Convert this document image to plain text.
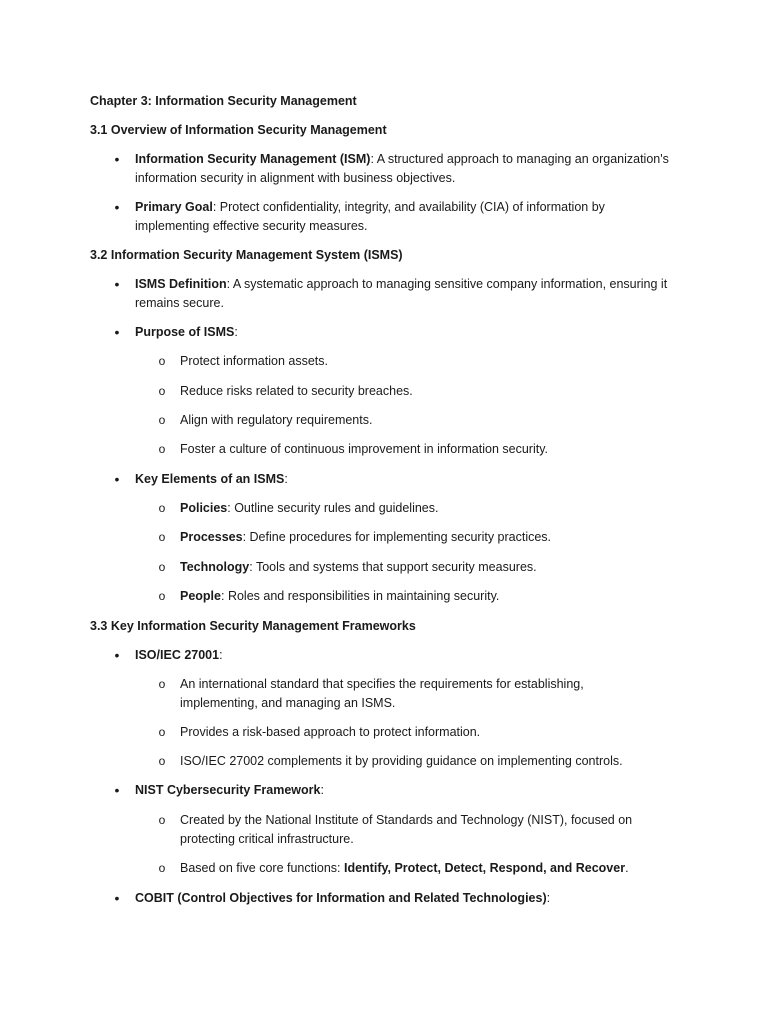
Chapter 3: Information Security Management
3.1 Overview of Information Security Management
• Information Security Management (ISM): A structured approach to managing an organization's
information security in alignment with business objectives.
• Primary Goal: Protect confidentiality, integrity, and availability (CIA) of information by
implementing effective security measures.
3.2 Information Security Management System (ISMS)
• ISMS Definition: A systematic approach to managing sensitive company information, ensuring it
remains secure.
• Purpose of ISMS:
o Protect information assets.
o Reduce risks related to security breaches.
o Align with regulatory requirements.
o Foster a culture of continuous improvement in information security.
• Key Elements of an ISMS:
o Policies: Outline security rules and guidelines.
o Processes: Define procedures for implementing security practices.
o Technology: Tools and systems that support security measures.
o People: Roles and responsibilities in maintaining security.
3.3 Key Information Security Management Frameworks
• ISO/IEC 27001:
o An international standard that specifies the requirements for establishing,
implementing, and managing an ISMS.
o Provides a risk-based approach to protect information.
o ISO/IEC 27002 complements it by providing guidance on implementing controls.
• NIST Cybersecurity Framework:
o Created by the National Institute of Standards and Technology (NIST), focused on
protecting critical infrastructure.
o Based on five core functions: Identify, Protect, Detect, Respond, and Recover.
• COBIT (Control Objectives for Information and Related Technologies):
